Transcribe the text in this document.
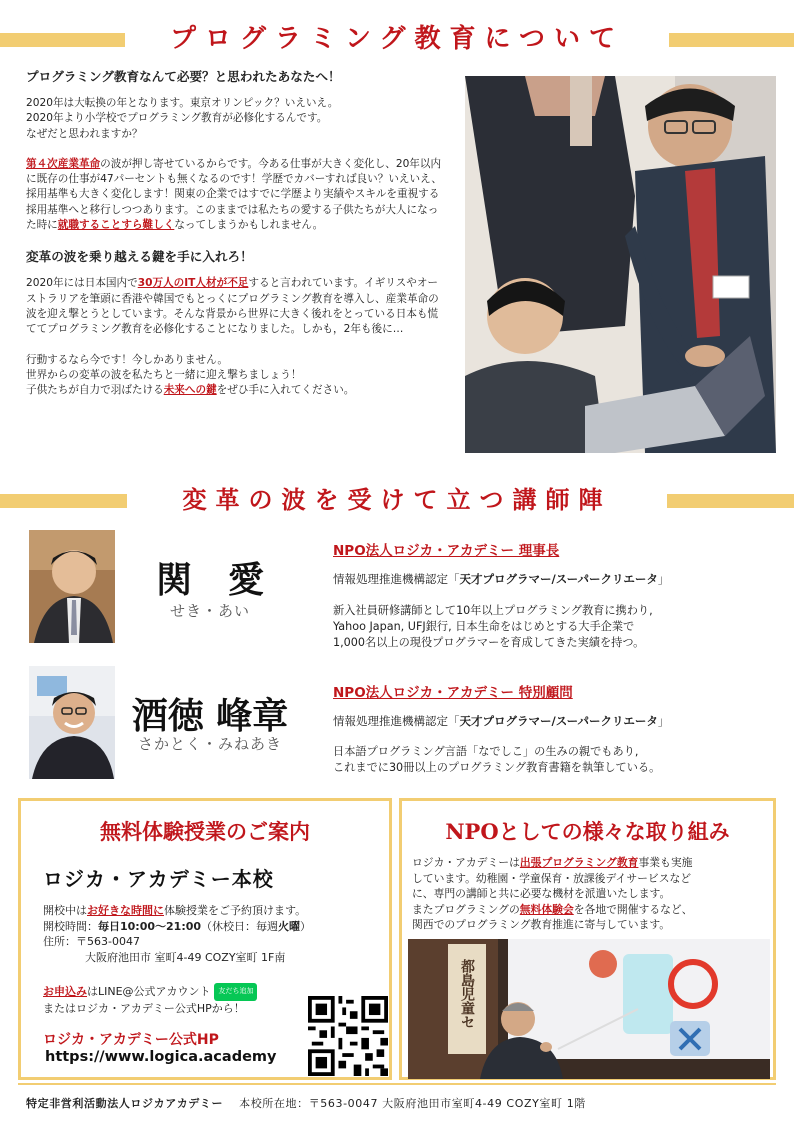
プログラミング教育について
プログラミング教育なんて必要？と思われたあなたへ！

2020年は大転換の年となります。東京オリンピック？いえいえ。
2020年より小学校でプログラミング教育が必修化するんです。
なぜだと思われますか？

第４次産業革命の波が押し寄せているからです。今ある仕事が大きく変化し、20年以内に既存の仕事が47パーセントも無くなるのです！学歴でカバーすれば良い？いえいえ、採用基準も大きく変化します！関東の企業ではすでに学歴より実績やスキルを重視する採用基準へと移行しつつあります。このままでは私たちの愛する子供たちが大人になった時に就職することすら難しくなってしまうかもしれません。

変革の波を乗り越える鍵を手に入れろ！

2020年には日本国内で30万人のIT人材が不足すると言われています。イギリスやオーストラリアを筆頭に香港や韓国でもとっくにプログラミング教育を導入し、産業革命の波を迎え撃とうとしています。そんな背景から世界に大きく後れをとっている日本も慌ててプログラミング教育を必修化することになりました。しかも，2年も後に…

行動するなら今です！今しかありません。
世界からの変革の波を私たちと一緒に迎え撃ちましょう！
子供たちが自力で羽ばたける未来への鍵をぜひ手に入れてください。

変革の波を受けて立つ講師陣
関　愛
せき・あい
NPO法人ロジカ・アカデミー 理事長
情報処理推進機構認定「天才プログラマー/スーパークリエータ」
新入社員研修講師として10年以上プログラミング教育に携わり,
Yahoo Japan, UFJ銀行, 日本生命をはじめとする大手企業で
1,000名以上の現役プログラマーを育成してきた実績を持つ。
酒徳 峰章
さかとく・みねあき
NPO法人ロジカ・アカデミー 特別顧問
情報処理推進機構認定「天才プログラマー/スーパークリエータ」
日本語プログラミング言語「なでしこ」の生みの親でもあり,
これまでに30冊以上のプログラミング教育書籍を執筆している。
無料体験授業のご案内
ロジカ・アカデミー本校
開校中はお好きな時間に体験授業をご予約頂けます。
開校時間：毎日10:00〜21:00（休校日：毎週火曜）
住所：〒563-0047
大阪府池田市 室町4-49 COZY室町 1F南
お申込みはLINE@公式アカウント 友だち追加
またはロジカ・アカデミー公式HPから！
ロジカ・アカデミー公式HP
https://www.logica.academy
NPOとしての様々な取り組み
ロジカ・アカデミーは出張プログラミング教育事業も実施
しています。幼稚園・学童保育・放課後デイサービスなど
に、専門の講師と共に必要な機材を派遣いたします。
またプログラミングの無料体験会を各地で開催するなど、
関西でのプログラミング教育推進に寄与しています。
都島児童セ
特定非営利活動法人ロジカアカデミー 本校所在地：〒563-0047 大阪府池田市室町4-49 COZY室町 1階
